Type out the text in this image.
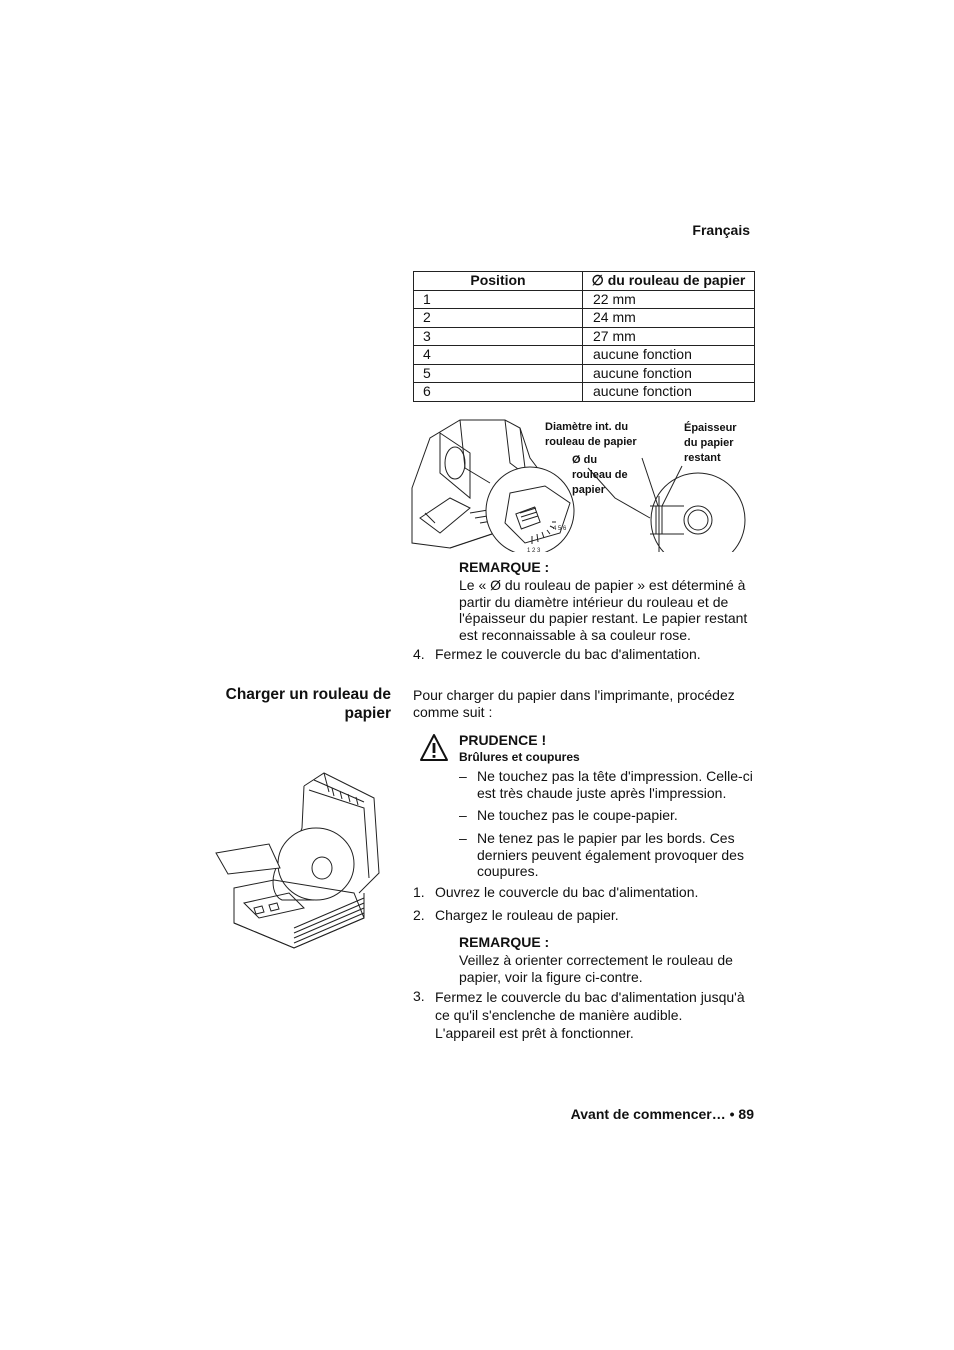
Français
Position	∅ du rouleau de papier
1	22 mm
2	24 mm
3	27 mm
4	aucune fonction
5	aucune fonction
6	aucune fonction
1 2 3
4 5 6
Diamètre int. du rouleau de papier
Ø du rouleau de papier
Épaisseur du papier restant
REMARQUE :
Le « Ø du rouleau de papier » est déterminé à partir du diamètre intérieur du rouleau et de l'épaisseur du papier restant. Le papier restant est reconnaissable à sa couleur rose.
4. Fermez le couvercle du bac d'alimentation.
Charger un rouleau de papier
Pour charger du papier dans l'imprimante, procédez comme suit :
PRUDENCE !
Brûlures et coupures
– Ne touchez pas la tête d'impression. Celle-ci est très chaude juste après l'impression.
– Ne touchez pas le coupe-papier.
– Ne tenez pas le papier par les bords. Ces derniers peuvent également provoquer des coupures.
1. Ouvrez le couvercle du bac d'alimentation.
2. Chargez le rouleau de papier.
REMARQUE :
Veillez à orienter correctement le rouleau de papier, voir la figure ci-contre.
3. Fermez le couvercle du bac d'alimentation jusqu'à ce qu'il s'enclenche de manière audible.
L'appareil est prêt à fonctionner.
Avant de commencer… • 89
